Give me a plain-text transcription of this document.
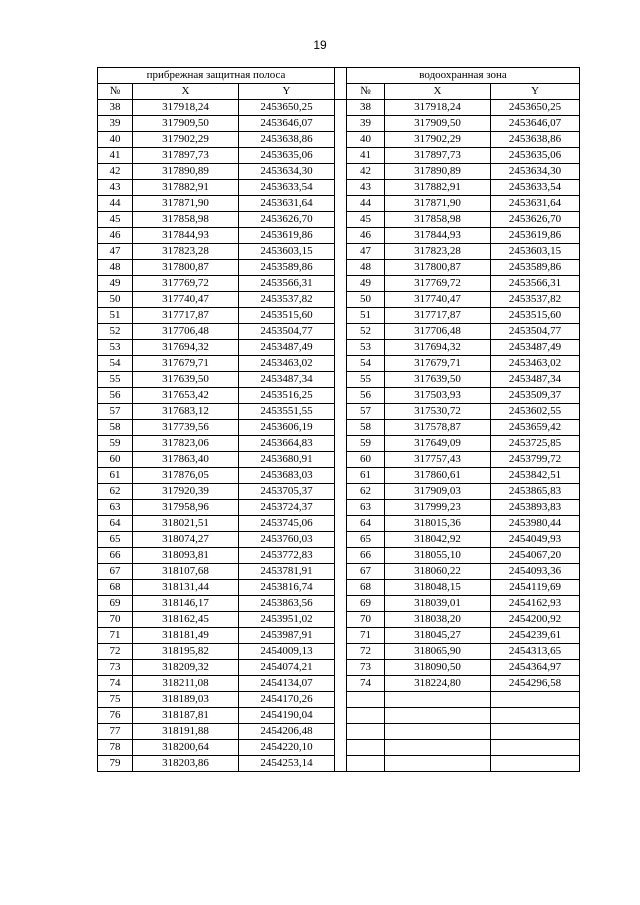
19
прибрежная защитная полоса				водоохранная зона		
№	X	Y		№	X	Y
38	317918,24	2453650,25		38	317918,24	2453650,25
39	317909,50	2453646,07		39	317909,50	2453646,07
40	317902,29	2453638,86		40	317902,29	2453638,86
41	317897,73	2453635,06		41	317897,73	2453635,06
42	317890,89	2453634,30		42	317890,89	2453634,30
43	317882,91	2453633,54		43	317882,91	2453633,54
44	317871,90	2453631,64		44	317871,90	2453631,64
45	317858,98	2453626,70		45	317858,98	2453626,70
46	317844,93	2453619,86		46	317844,93	2453619,86
47	317823,28	2453603,15		47	317823,28	2453603,15
48	317800,87	2453589,86		48	317800,87	2453589,86
49	317769,72	2453566,31		49	317769,72	2453566,31
50	317740,47	2453537,82		50	317740,47	2453537,82
51	317717,87	2453515,60		51	317717,87	2453515,60
52	317706,48	2453504,77		52	317706,48	2453504,77
53	317694,32	2453487,49		53	317694,32	2453487,49
54	317679,71	2453463,02		54	317679,71	2453463,02
55	317639,50	2453487,34		55	317639,50	2453487,34
56	317653,42	2453516,25		56	317503,93	2453509,37
57	317683,12	2453551,55		57	317530,72	2453602,55
58	317739,56	2453606,19		58	317578,87	2453659,42
59	317823,06	2453664,83		59	317649,09	2453725,85
60	317863,40	2453680,91		60	317757,43	2453799,72
61	317876,05	2453683,03		61	317860,61	2453842,51
62	317920,39	2453705,37		62	317909,03	2453865,83
63	317958,96	2453724,37		63	317999,23	2453893,83
64	318021,51	2453745,06		64	318015,36	2453980,44
65	318074,27	2453760,03		65	318042,92	2454049,93
66	318093,81	2453772,83		66	318055,10	2454067,20
67	318107,68	2453781,91		67	318060,22	2454093,36
68	318131,44	2453816,74		68	318048,15	2454119,69
69	318146,17	2453863,56		69	318039,01	2454162,93
70	318162,45	2453951,02		70	318038,20	2454200,92
71	318181,49	2453987,91		71	318045,27	2454239,61
72	318195,82	2454009,13		72	318065,90	2454313,65
73	318209,32	2454074,21		73	318090,50	2454364,97
74	318211,08	2454134,07		74	318224,80	2454296,58
75	318189,03	2454170,26				
76	318187,81	2454190,04				
77	318191,88	2454206,48				
78	318200,64	2454220,10				
79	318203,86	2454253,14				
